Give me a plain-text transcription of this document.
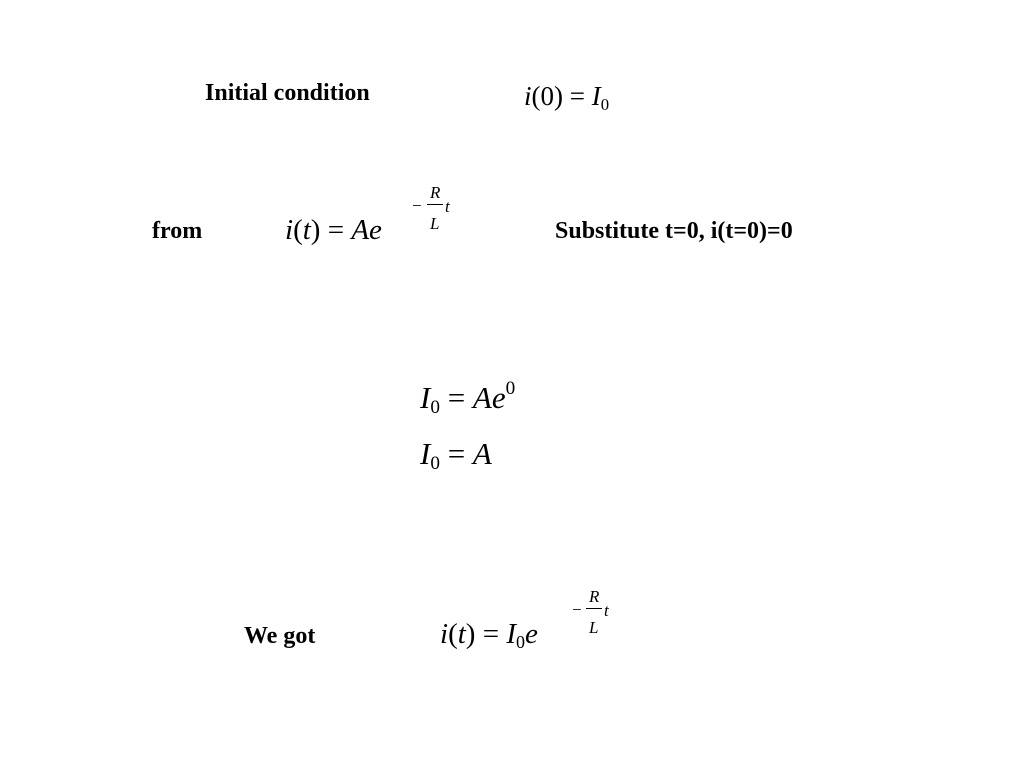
Initial condition	i(0) = I0
from	i(t) = Ae
−
R
L
t
Substitute t=0, i(t=0)=0
$I0 = Ae^0$
I0 = A
We got	i(t) = I0e
−
R
L
t
